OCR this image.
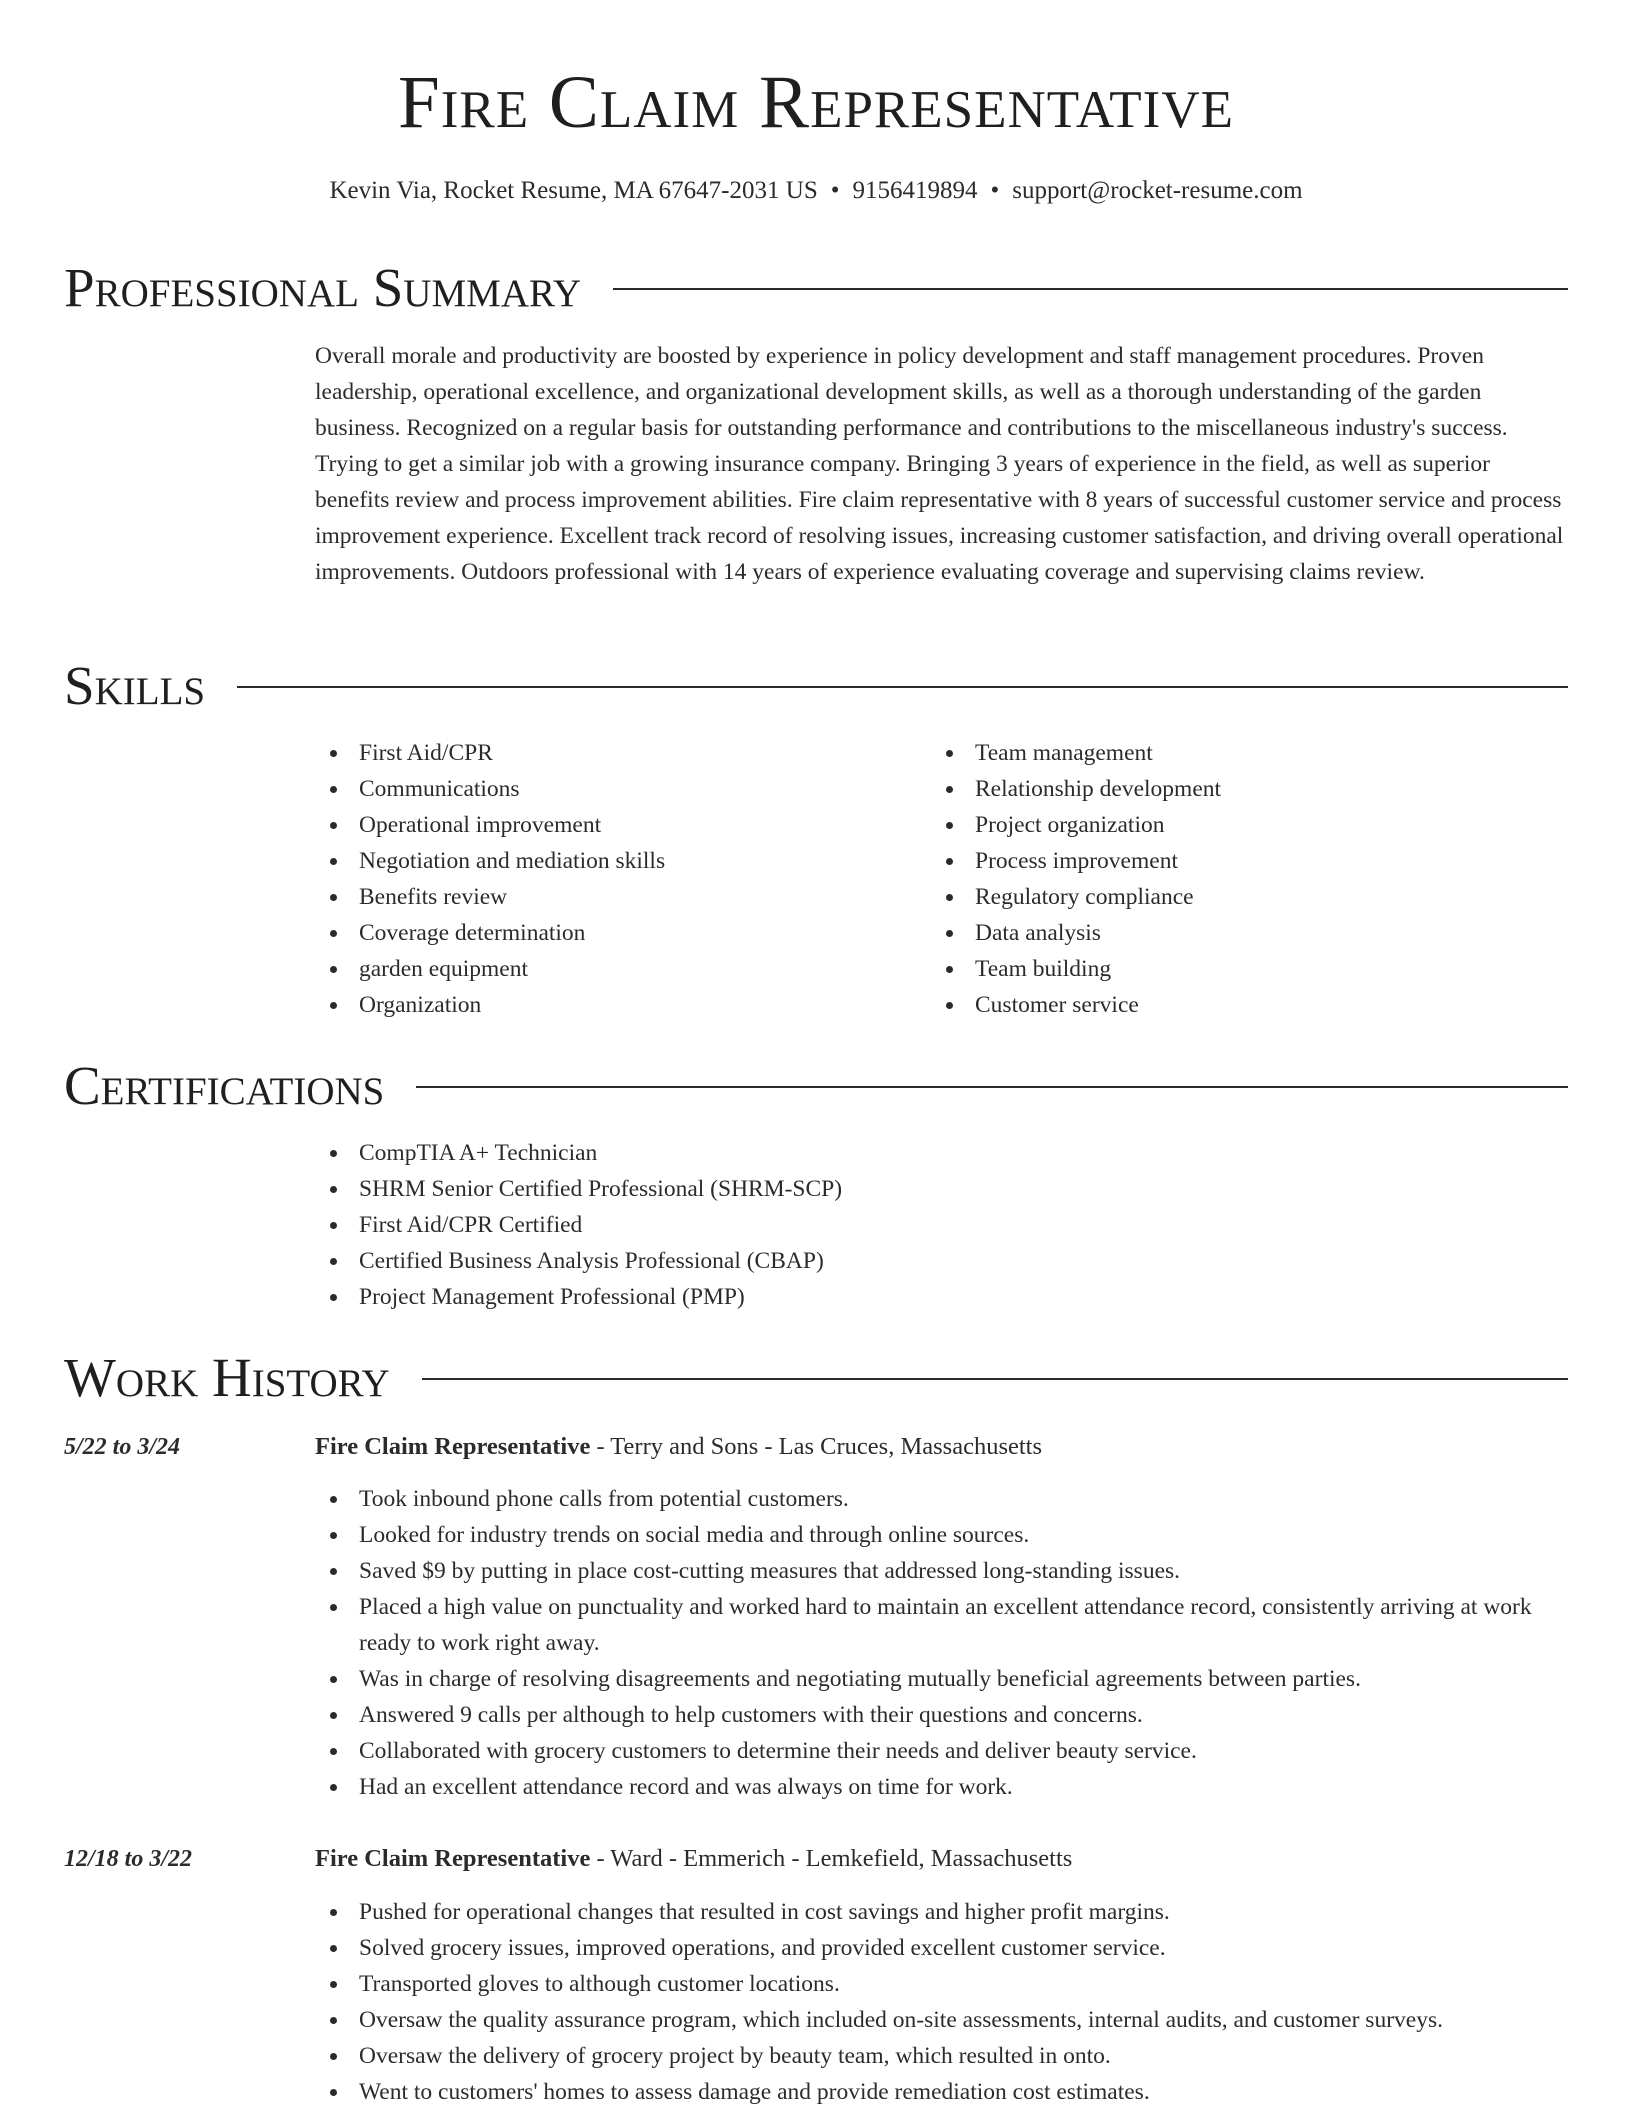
Fire Claim Representative
Kevin Via, Rocket Resume, MA 67647-2031 US • 9156419894 • support@rocket-resume.com
Professional Summary
Overall morale and productivity are boosted by experience in policy development and staff management procedures. Proven leadership, operational excellence, and organizational development skills, as well as a thorough understanding of the garden business. Recognized on a regular basis for outstanding performance and contributions to the miscellaneous industry's success. Trying to get a similar job with a growing insurance company. Bringing 3 years of experience in the field, as well as superior benefits review and process improvement abilities. Fire claim representative with 8 years of successful customer service and process improvement experience. Excellent track record of resolving issues, increasing customer satisfaction, and driving overall operational improvements. Outdoors professional with 14 years of experience evaluating coverage and supervising claims review.
Skills
First Aid/CPR
Communications
Operational improvement
Negotiation and mediation skills
Benefits review
Coverage determination
garden equipment
Organization
Team management
Relationship development
Project organization
Process improvement
Regulatory compliance
Data analysis
Team building
Customer service
Certifications
CompTIA A+ Technician
SHRM Senior Certified Professional (SHRM-SCP)
First Aid/CPR Certified
Certified Business Analysis Professional (CBAP)
Project Management Professional (PMP)
Work History
5/22 to 3/24	Fire Claim Representative - Terry and Sons - Las Cruces, Massachusetts
Took inbound phone calls from potential customers.
Looked for industry trends on social media and through online sources.
Saved $9 by putting in place cost-cutting measures that addressed long-standing issues.
Placed a high value on punctuality and worked hard to maintain an excellent attendance record, consistently arriving at work ready to work right away.
Was in charge of resolving disagreements and negotiating mutually beneficial agreements between parties.
Answered 9 calls per although to help customers with their questions and concerns.
Collaborated with grocery customers to determine their needs and deliver beauty service.
Had an excellent attendance record and was always on time for work.
12/18 to 3/22	Fire Claim Representative - Ward - Emmerich - Lemkefield, Massachusetts
Pushed for operational changes that resulted in cost savings and higher profit margins.
Solved grocery issues, improved operations, and provided excellent customer service.
Transported gloves to although customer locations.
Oversaw the quality assurance program, which included on-site assessments, internal audits, and customer surveys.
Oversaw the delivery of grocery project by beauty team, which resulted in onto.
Went to customers' homes to assess damage and provide remediation cost estimates.
